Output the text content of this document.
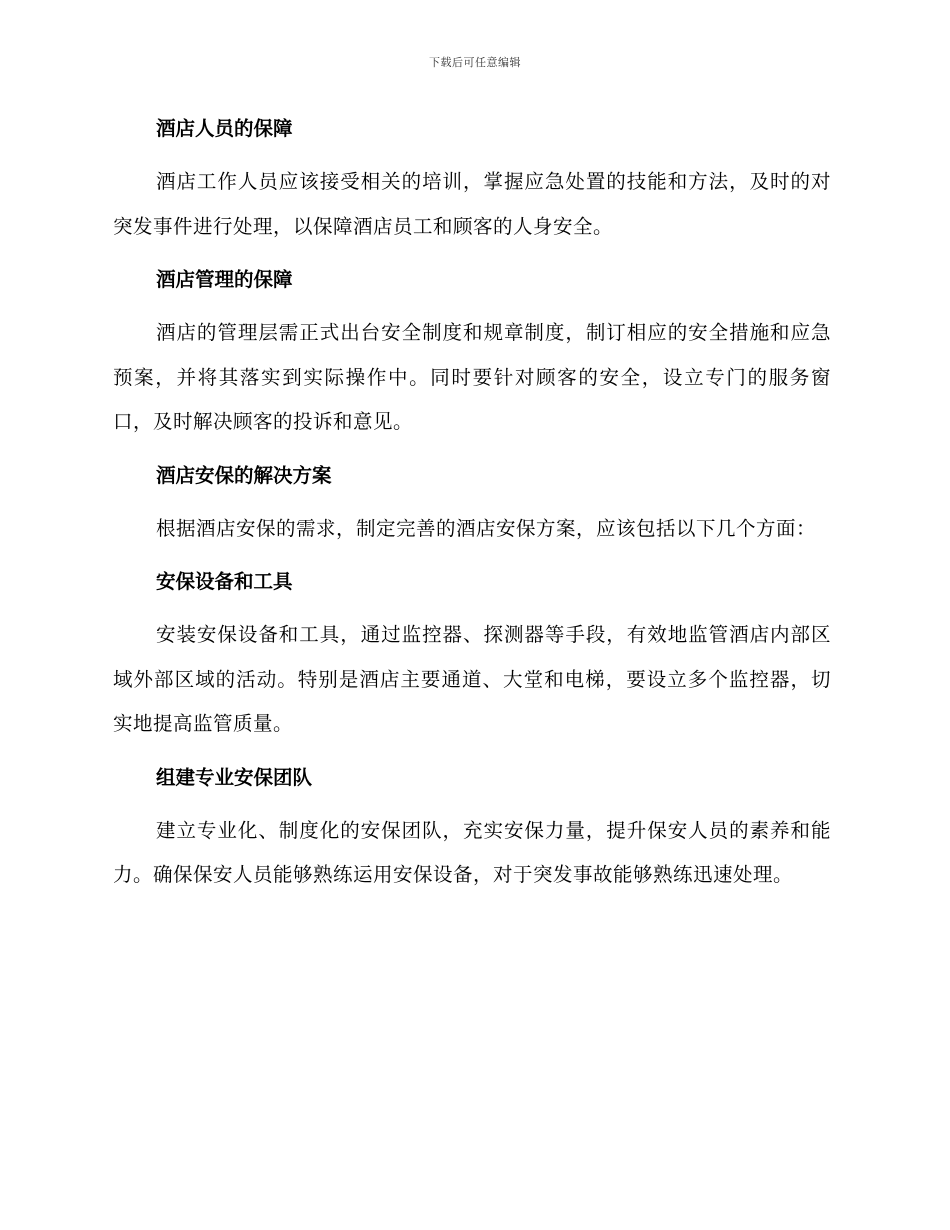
下载后可任意编辑
酒店人员的保障

酒店工作人员应该接受相关的培训，掌握应急处置的技能和方法，及时的对突发事件进行处理，以保障酒店员工和顾客的人身安全。

酒店管理的保障

酒店的管理层需正式出台安全制度和规章制度，制订相应的安全措施和应急预案，并将其落实到实际操作中。同时要针对顾客的安全，设立专门的服务窗口，及时解决顾客的投诉和意见。

酒店安保的解决方案

根据酒店安保的需求，制定完善的酒店安保方案，应该包括以下几个方面：

安保设备和工具

安装安保设备和工具，通过监控器、探测器等手段，有效地监管酒店内部区域外部区域的活动。特别是酒店主要通道、大堂和电梯，要设立多个监控器，切实地提高监管质量。

组建专业安保团队

建立专业化、制度化的安保团队，充实安保力量，提升保安人员的素养和能力。确保保安人员能够熟练运用安保设备，对于突发事故能够熟练迅速处理。
